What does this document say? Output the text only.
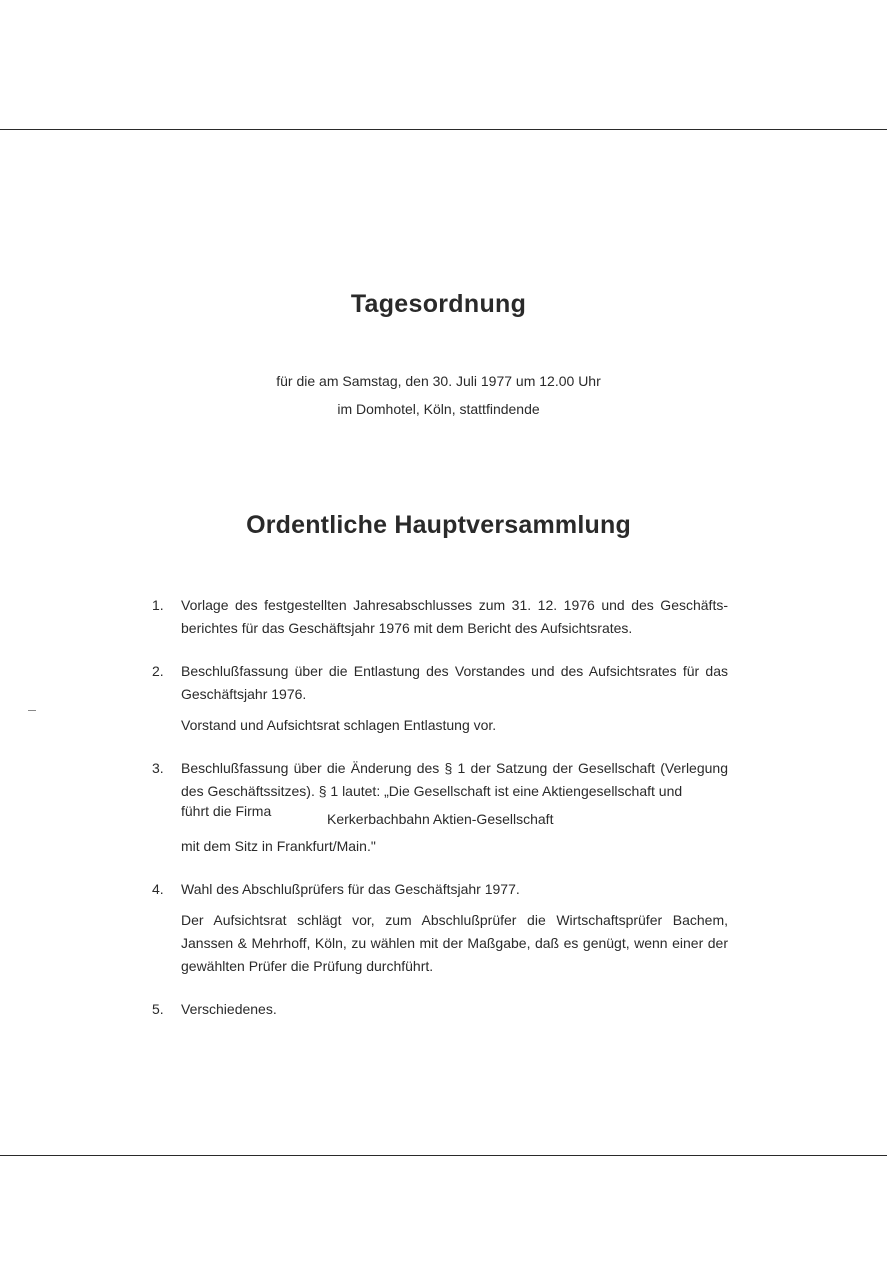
Tagesordnung
für die am Samstag, den 30. Juli 1977 um 12.00 Uhr
im Domhotel, Köln, stattfindende
Ordentliche Hauptversammlung
1.	Vorlage des festgestellten Jahresabschlusses zum 31. 12. 1976 und des Geschäfts-berichtes für das Geschäftsjahr 1976 mit dem Bericht des Aufsichtsrates.

2.	Beschlußfassung über die Entlastung des Vorstandes und des Aufsichtsrates für das Geschäftsjahr 1976.

Vorstand und Aufsichtsrat schlagen Entlastung vor.

3.	Beschlußfassung über die Änderung des § 1 der Satzung der Gesellschaft (Verlegung des Geschäftssitzes). § 1 lautet: „Die Gesellschaft ist eine Aktiengesellschaft und

führt die Firma	Kerkerbachbahn Aktien-Gesellschaft

mit dem Sitz in Frankfurt/Main."

4.	Wahl des Abschlußprüfers für das Geschäftsjahr 1977.

Der Aufsichtsrat schlägt vor, zum Abschlußprüfer die Wirtschaftsprüfer Bachem, Janssen & Mehrhoff, Köln, zu wählen mit der Maßgabe, daß es genügt, wenn einer der gewählten Prüfer die Prüfung durchführt.

5.	Verschiedenes.
